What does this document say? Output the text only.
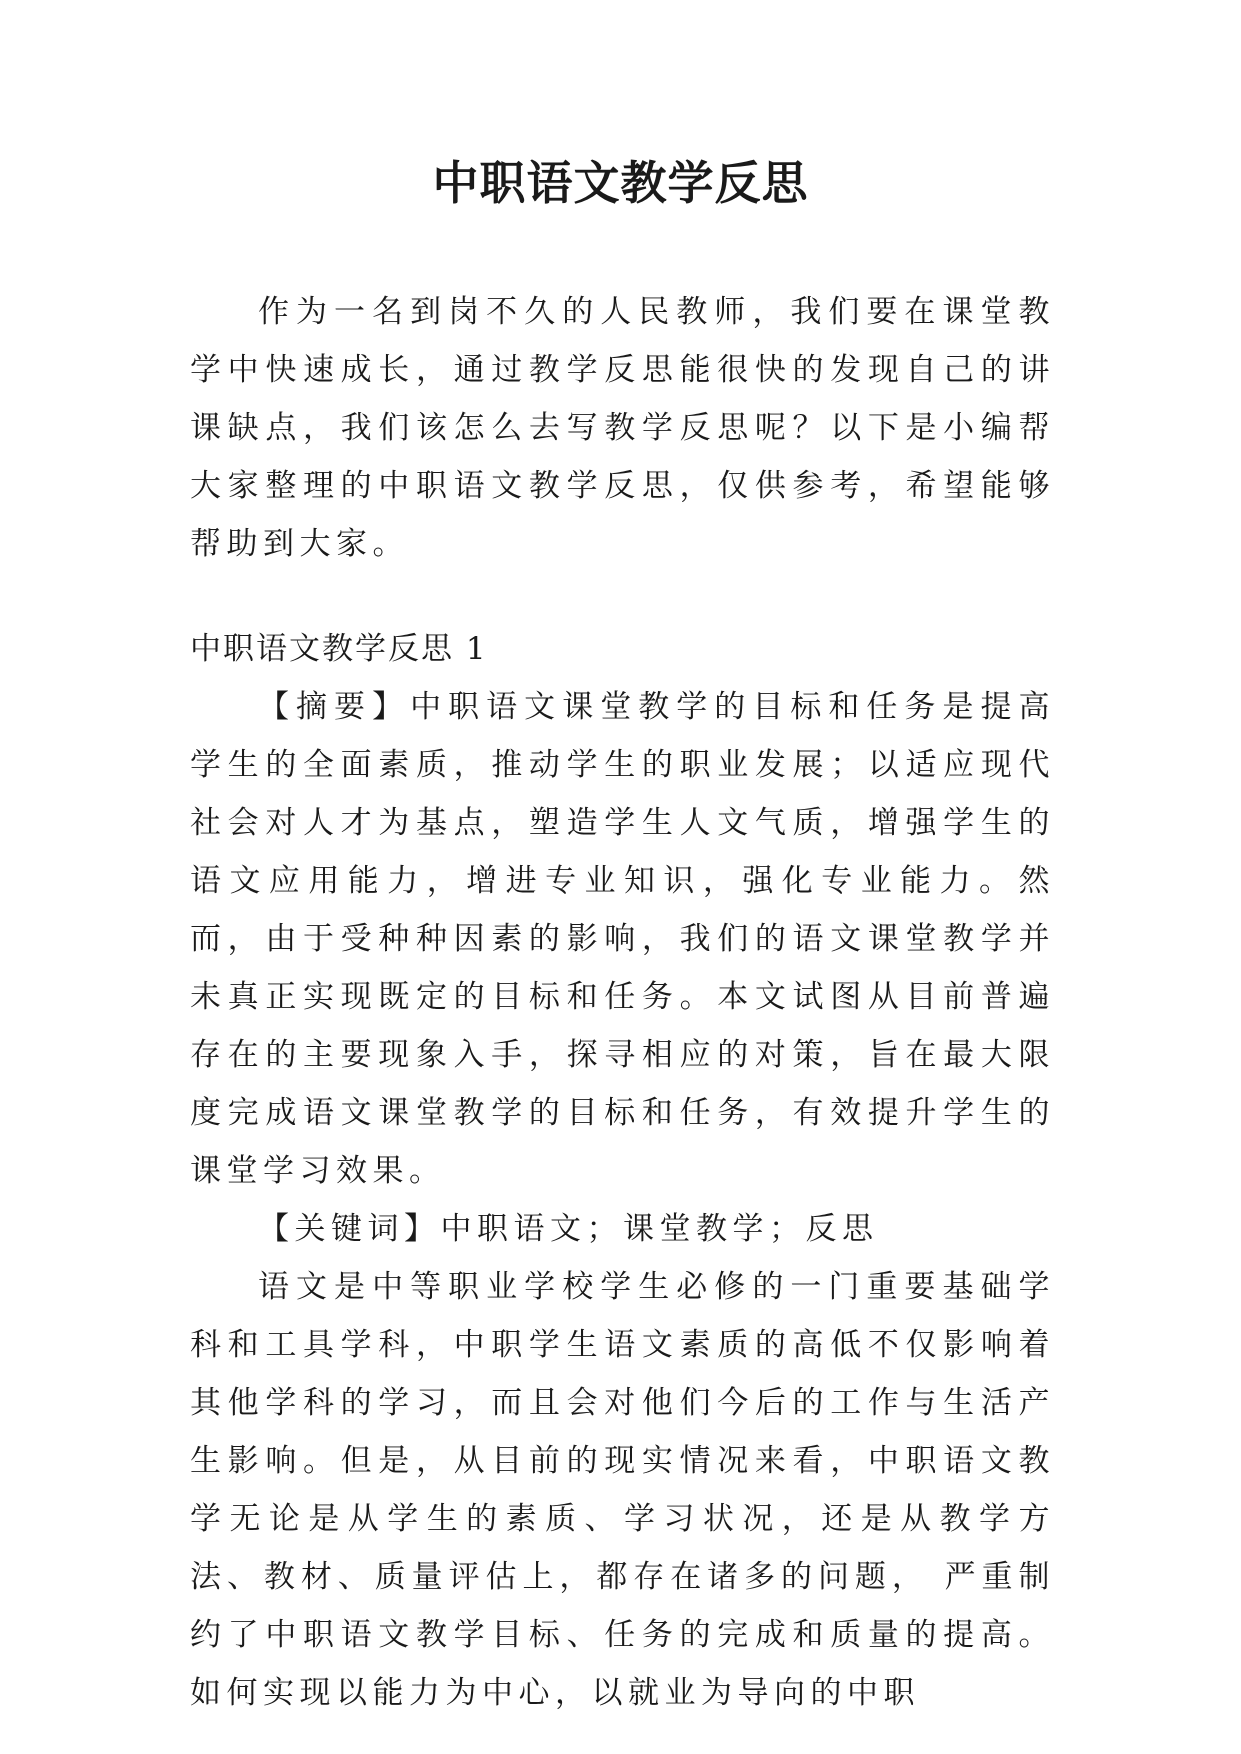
中职语文教学反思

作为一名到岗不久的人民教师，我们要在课堂教学中快速成长，通过教学反思能很快的发现自己的讲课缺点，我们该怎么去写教学反思呢？以下是小编帮大家整理的中职语文教学反思，仅供参考，希望能够帮助到大家。

中职语文教学反思 1

【摘要】中职语文课堂教学的目标和任务是提高学生的全面素质，推动学生的职业发展；以适应现代社会对人才为基点，塑造学生人文气质，增强学生的语文应用能力，增进专业知识，强化专业能力。然而，由于受种种因素的影响，我们的语文课堂教学并未真正实现既定的目标和任务。本文试图从目前普遍存在的主要现象入手，探寻相应的对策，旨在最大限度完成语文课堂教学的目标和任务，有效提升学生的课堂学习效果。

【关键词】中职语文；课堂教学；反思

语文是中等职业学校学生必修的一门重要基础学科和工具学科，中职学生语文素质的高低不仅影响着其他学科的学习，而且会对他们今后的工作与生活产生影响。但是，从目前的现实情况来看，中职语文教学无论是从学生的素质、学习状况，还是从教学方法、教材、质量评估上，都存在诸多的问题， 严重制约了中职语文教学目标、任务的完成和质量的提高。如何实现以能力为中心，以就业为导向的中职
